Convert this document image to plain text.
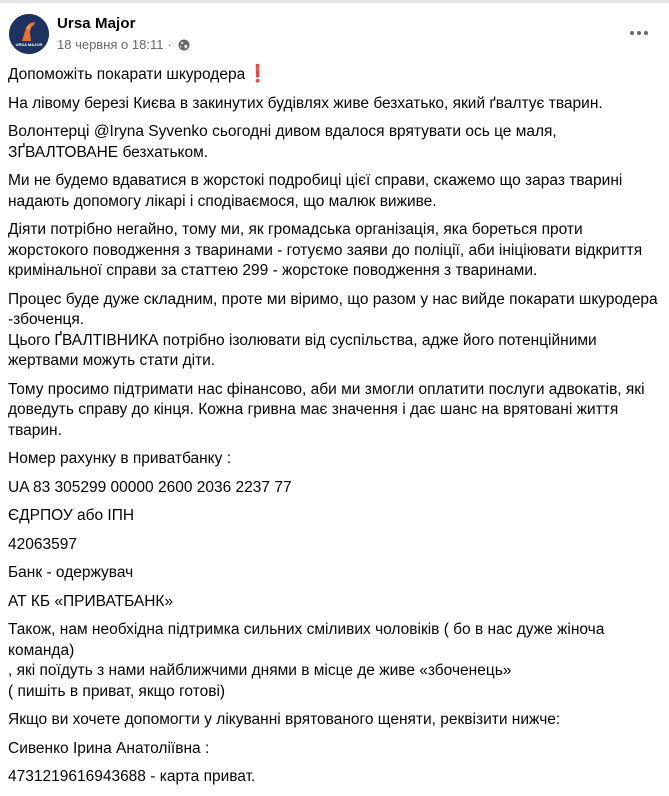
URSA MAJOR
Ursa Major
18 червня о 18:11 ·

Допоможіть покарати шкуродера ❗

На лівому березі Києва в закинутих будівлях живе безхатько, який ґвалтує тварин.

Волонтерці @Iryna Syvenko сьогодні дивом вдалося врятувати ось це маля, ЗҐВАЛТОВАНЕ безхатьком.

Ми не будемо вдаватися в жорстокі подробиці цієї справи, скажемо що зараз тварині надають допомогу лікарі і сподіваємося, що малюк виживе.

Діяти потрібно негайно, тому ми, як громадська організація, яка бореться проти жорстокого поводження з тваринами - готуємо заяви до поліції, аби ініціювати відкриття кримінальної справи за статтею 299 - жорстоке поводження з тваринами.

Процес буде дуже складним, проте ми віримо, що разом у нас вийде покарати шкуродера -збоченця.

Цього ҐВАЛТІВНИКА потрібно ізолювати від суспільства, адже його потенційними жертвами можуть стати діти.

Тому просимо підтримати нас фінансово, аби ми змогли оплатити послуги адвокатів, які доведуть справу до кінця. Кожна гривна має значення і дає шанс на врятовані життя тварин.

Номер рахунку в приватбанку :

UA 83 305299 00000 2600 2036 2237 77

ЄДРПОУ або ІПН

42063597

Банк - одержувач

АТ КБ «ПРИВАТБАНК»

Також, нам необхідна підтримка сильних сміливих чоловіків ( бо в нас дуже жіноча команда)

, які поїдуть з нами найближчими днями в місце де живе «збоченець»

( пишіть в приват, якщо готові)

Якщо ви хочете допомогти у лікуванні врятованого щеняти, реквізити нижче:

Сивенко Ірина Анатоліївна :

4731219616943688 - карта приват.
